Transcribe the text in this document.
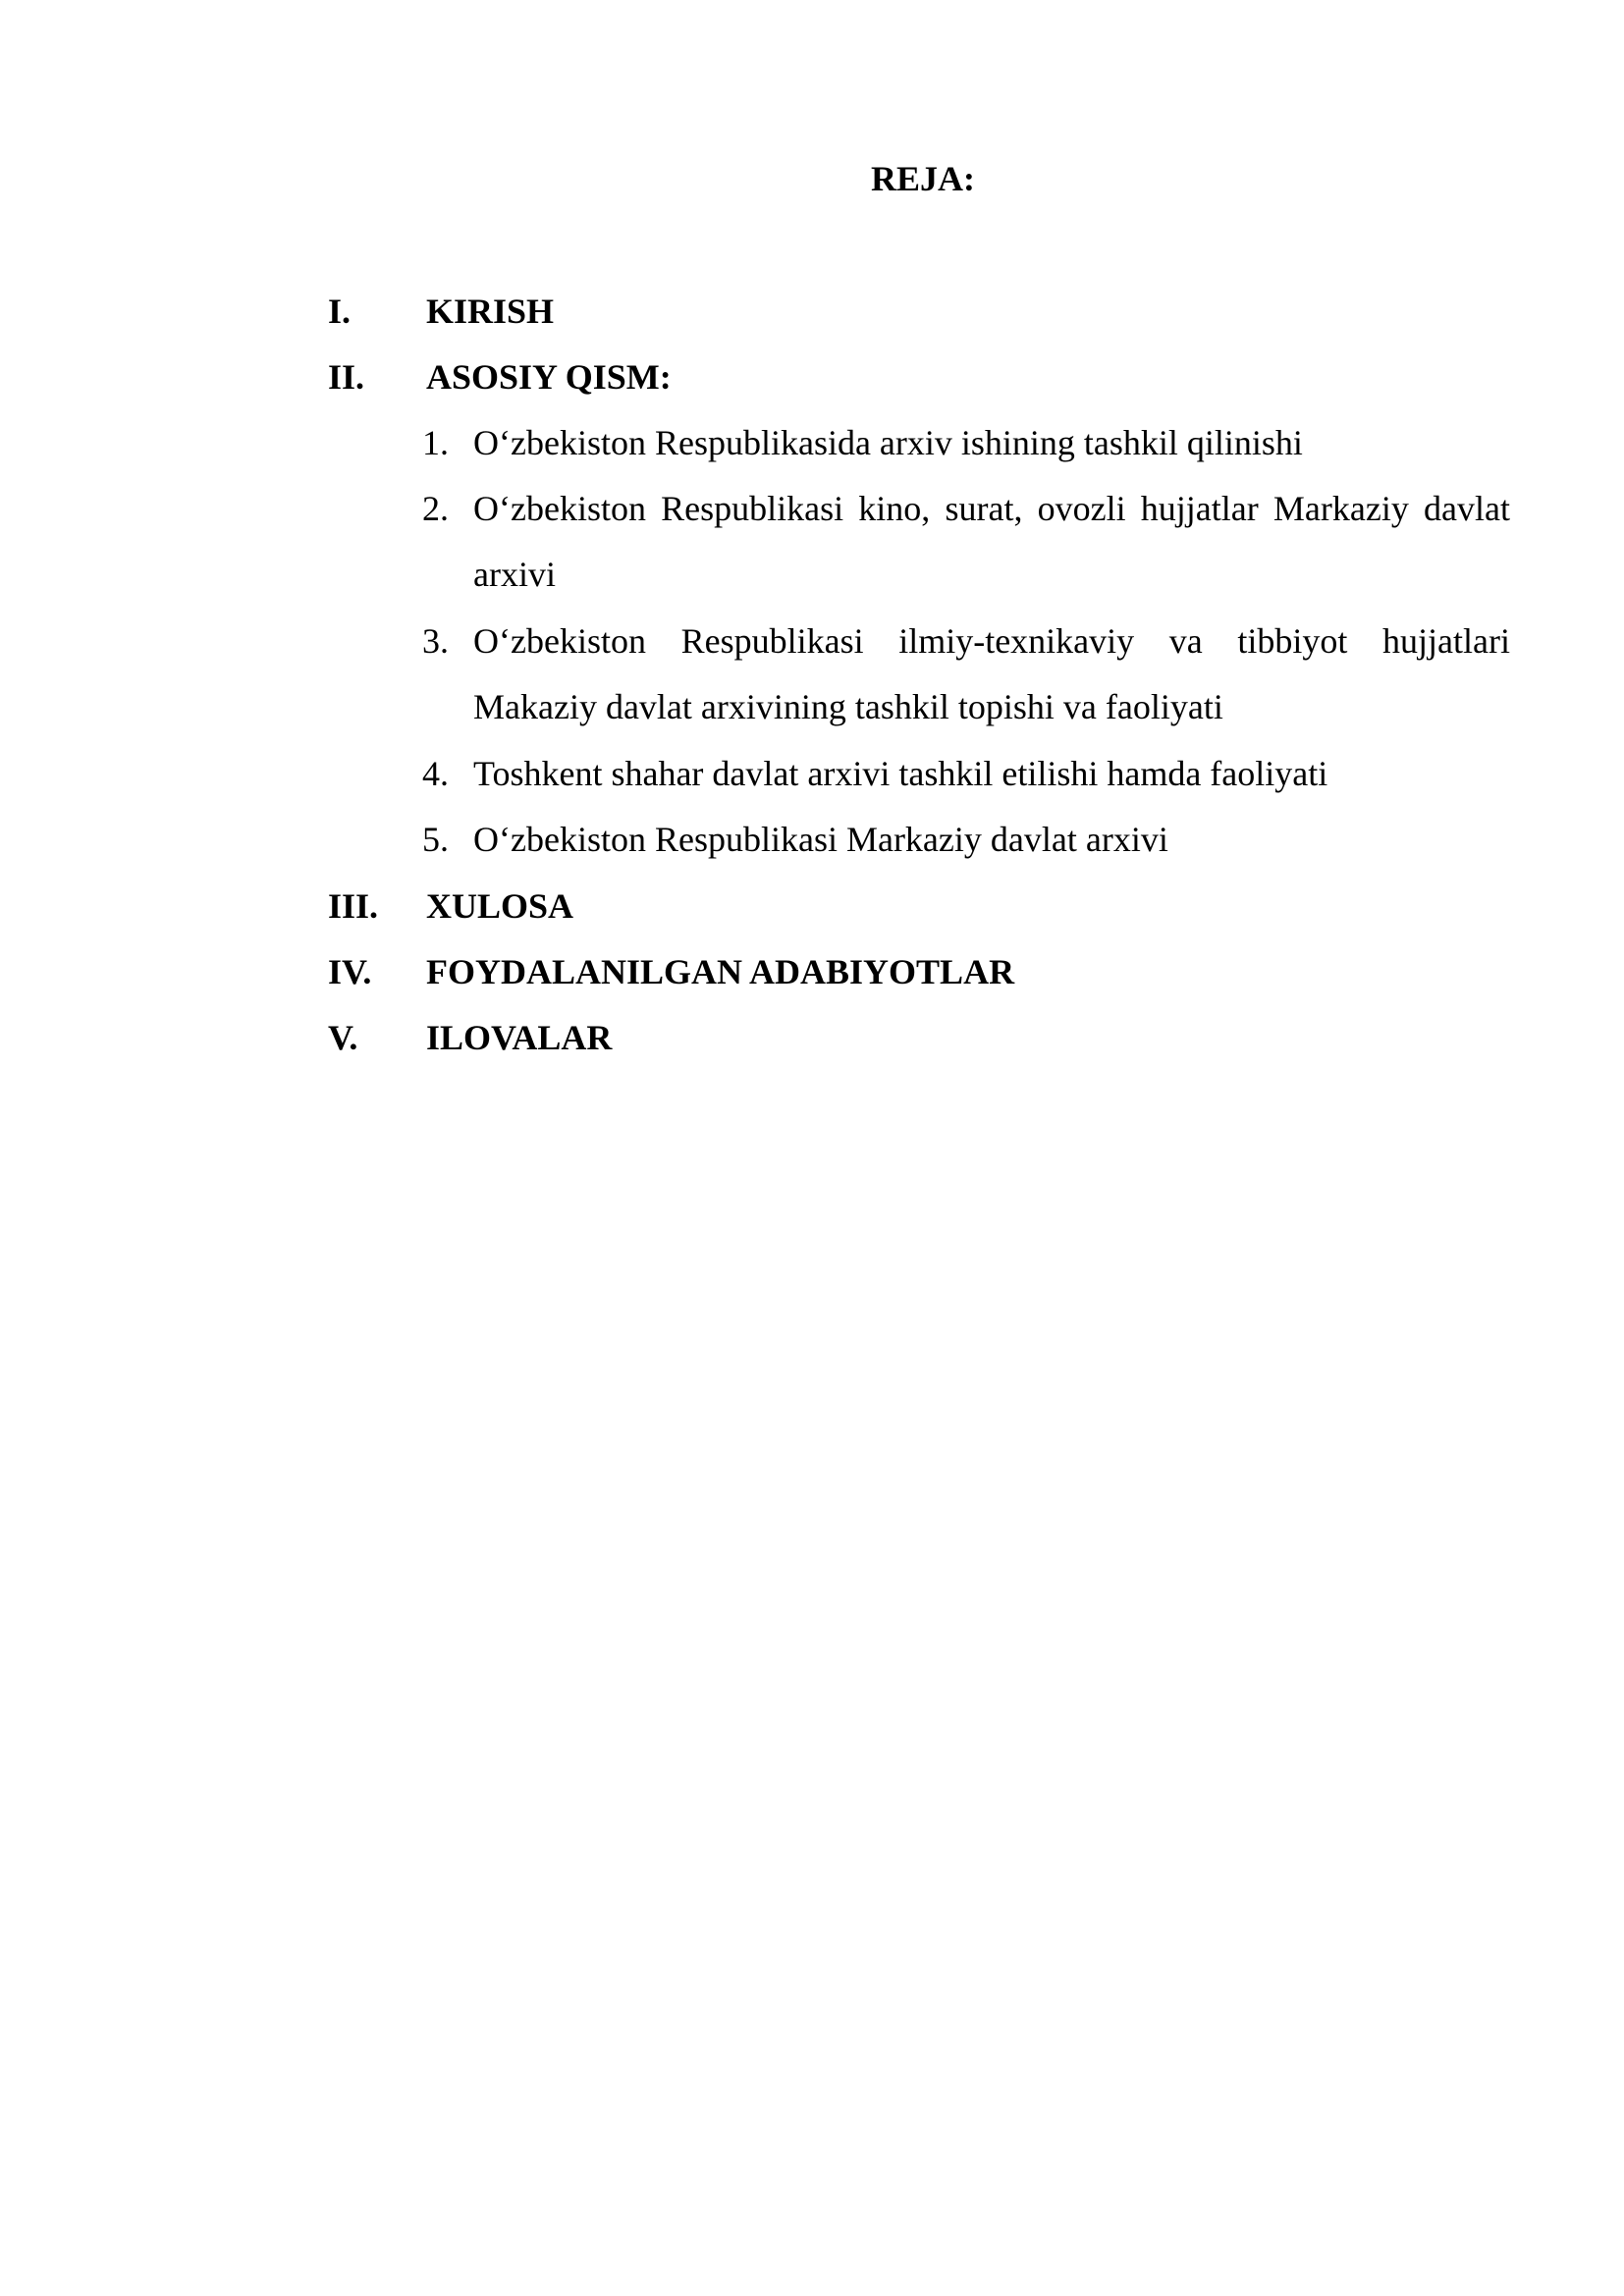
REJA:
I. KIRISH
II. ASOSIY QISM:
1. O‘zbekiston Respublikasida arxiv ishining tashkil qilinishi
2. O‘zbekiston Respublikasi kino, surat, ovozli hujjatlar Markaziy davlat arxivi
3. O‘zbekiston Respublikasi ilmiy-texnikaviy va tibbiyot hujjatlari Makaziy davlat arxivining tashkil topishi va faoliyati
4. Toshkent shahar davlat arxivi tashkil etilishi hamda faoliyati
5. O‘zbekiston Respublikasi Markaziy davlat arxivi
III. XULOSA
IV. FOYDALANILGAN ADABIYOTLAR
V. ILOVALAR
